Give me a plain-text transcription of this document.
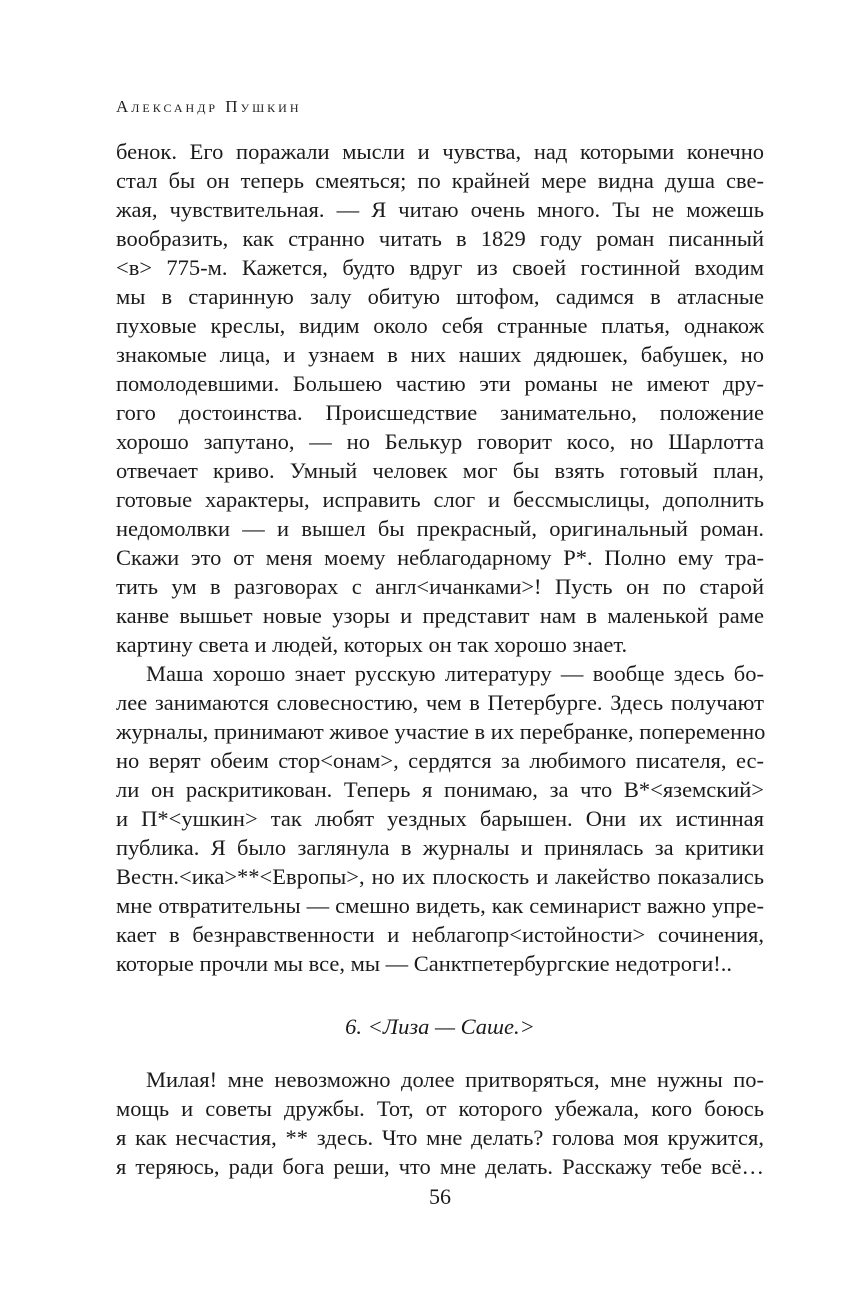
Александр Пушкин
бенок. Его поражали мысли и чувства, над которыми конечно
стал бы он теперь смеяться; по крайней мере видна душа све-
жая, чувствительная. — Я читаю очень много. Ты не можешь
вообразить, как странно читать в 1829 году роман писанный
<в> 775-м. Кажется, будто вдруг из своей гостинной входим
мы в старинную залу обитую штофом, садимся в атласные
пуховые креслы, видим около себя странные платья, однакож
знакомые лица, и узнаем в них наших дядюшек, бабушек, но
помолодевшими. Большею частию эти романы не имеют дру-
гого достоинства. Происшедствие занимательно, положение
хорошо запутано, — но Белькур говорит косо, но Шарлотта
отвечает криво. Умный человек мог бы взять готовый план,
готовые характеры, исправить слог и бессмыслицы, дополнить
недомолвки — и вышел бы прекрасный, оригинальный роман.
Скажи это от меня моему неблагодарному Р*. Полно ему тра-
тить ум в разговорах с англ<ичанками>! Пусть он по старой
канве вышьет новые узоры и представит нам в маленькой раме
картину света и людей, которых он так хорошо знает.
Маша хорошо знает русскую литературу — вообще здесь бо-
лее занимаются словесностию, чем в Петербурге. Здесь получают
журналы, принимают живое участие в их перебранке, попеременно
но верят обеим стор<онам>, сердятся за любимого писателя, ес-
ли он раскритикован. Теперь я понимаю, за что В*<яземский>
и П*<ушкин> так любят уездных барышен. Они их истинная
публика. Я было заглянула в журналы и принялась за критики
Вестн.<ика>**<Европы>, но их плоскость и лакейство показались
мне отвратительны — смешно видеть, как семинарист важно упре-
кает в безнравственности и неблагопр<истойности> сочинения,
которые прочли мы все, мы — Санктпетербургские недотроги!..
6. <Лиза — Саше.>
Милая! мне невозможно долее притворяться, мне нужны по-
мощь и советы дружбы. Тот, от которого убежала, кого боюсь
я как несчастия, ** здесь. Что мне делать? голова моя кружится,
я теряюсь, ради бога реши, что мне делать. Расскажу тебе всё…
56
